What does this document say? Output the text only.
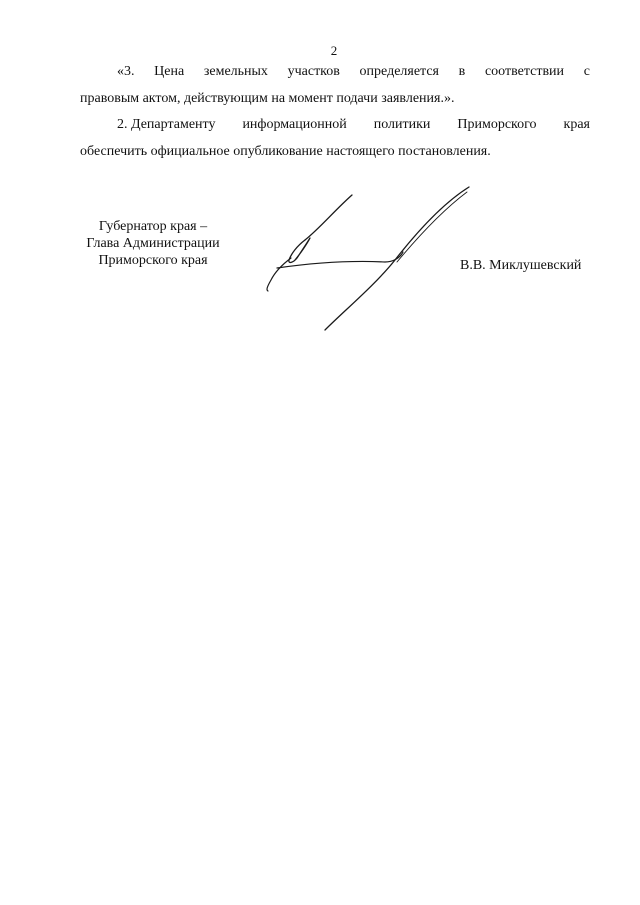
2
«3. Цена земельных участков определяется в соответствии с
правовым актом, действующим на момент подачи заявления.».
2. Департаменту информационной политики Приморского края
обеспечить официальное опубликование настоящего постановления.
Губернатор края –
Глава Администрации
Приморского края	В.В. Миклушевский
